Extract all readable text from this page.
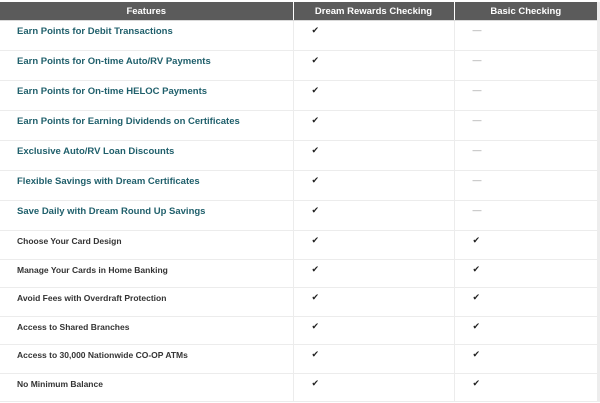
Features	Dream Rewards Checking	Basic Checking

Earn Points for Debit Transactions	✔	—

Earn Points for On-time Auto/RV Payments	✔	—

Earn Points for On-time HELOC Payments	✔	—

Earn Points for Earning Dividends on Certificates	✔	—

Exclusive Auto/RV Loan Discounts	✔	—

Flexible Savings with Dream Certificates	✔	—

Save Daily with Dream Round Up Savings	✔	—

Choose Your Card Design	✔	✔

Manage Your Cards in Home Banking	✔	✔

Avoid Fees with Overdraft Protection	✔	✔

Access to Shared Branches	✔	✔

Access to 30,000 Nationwide CO-OP ATMs	✔	✔

No Minimum Balance	✔	✔
